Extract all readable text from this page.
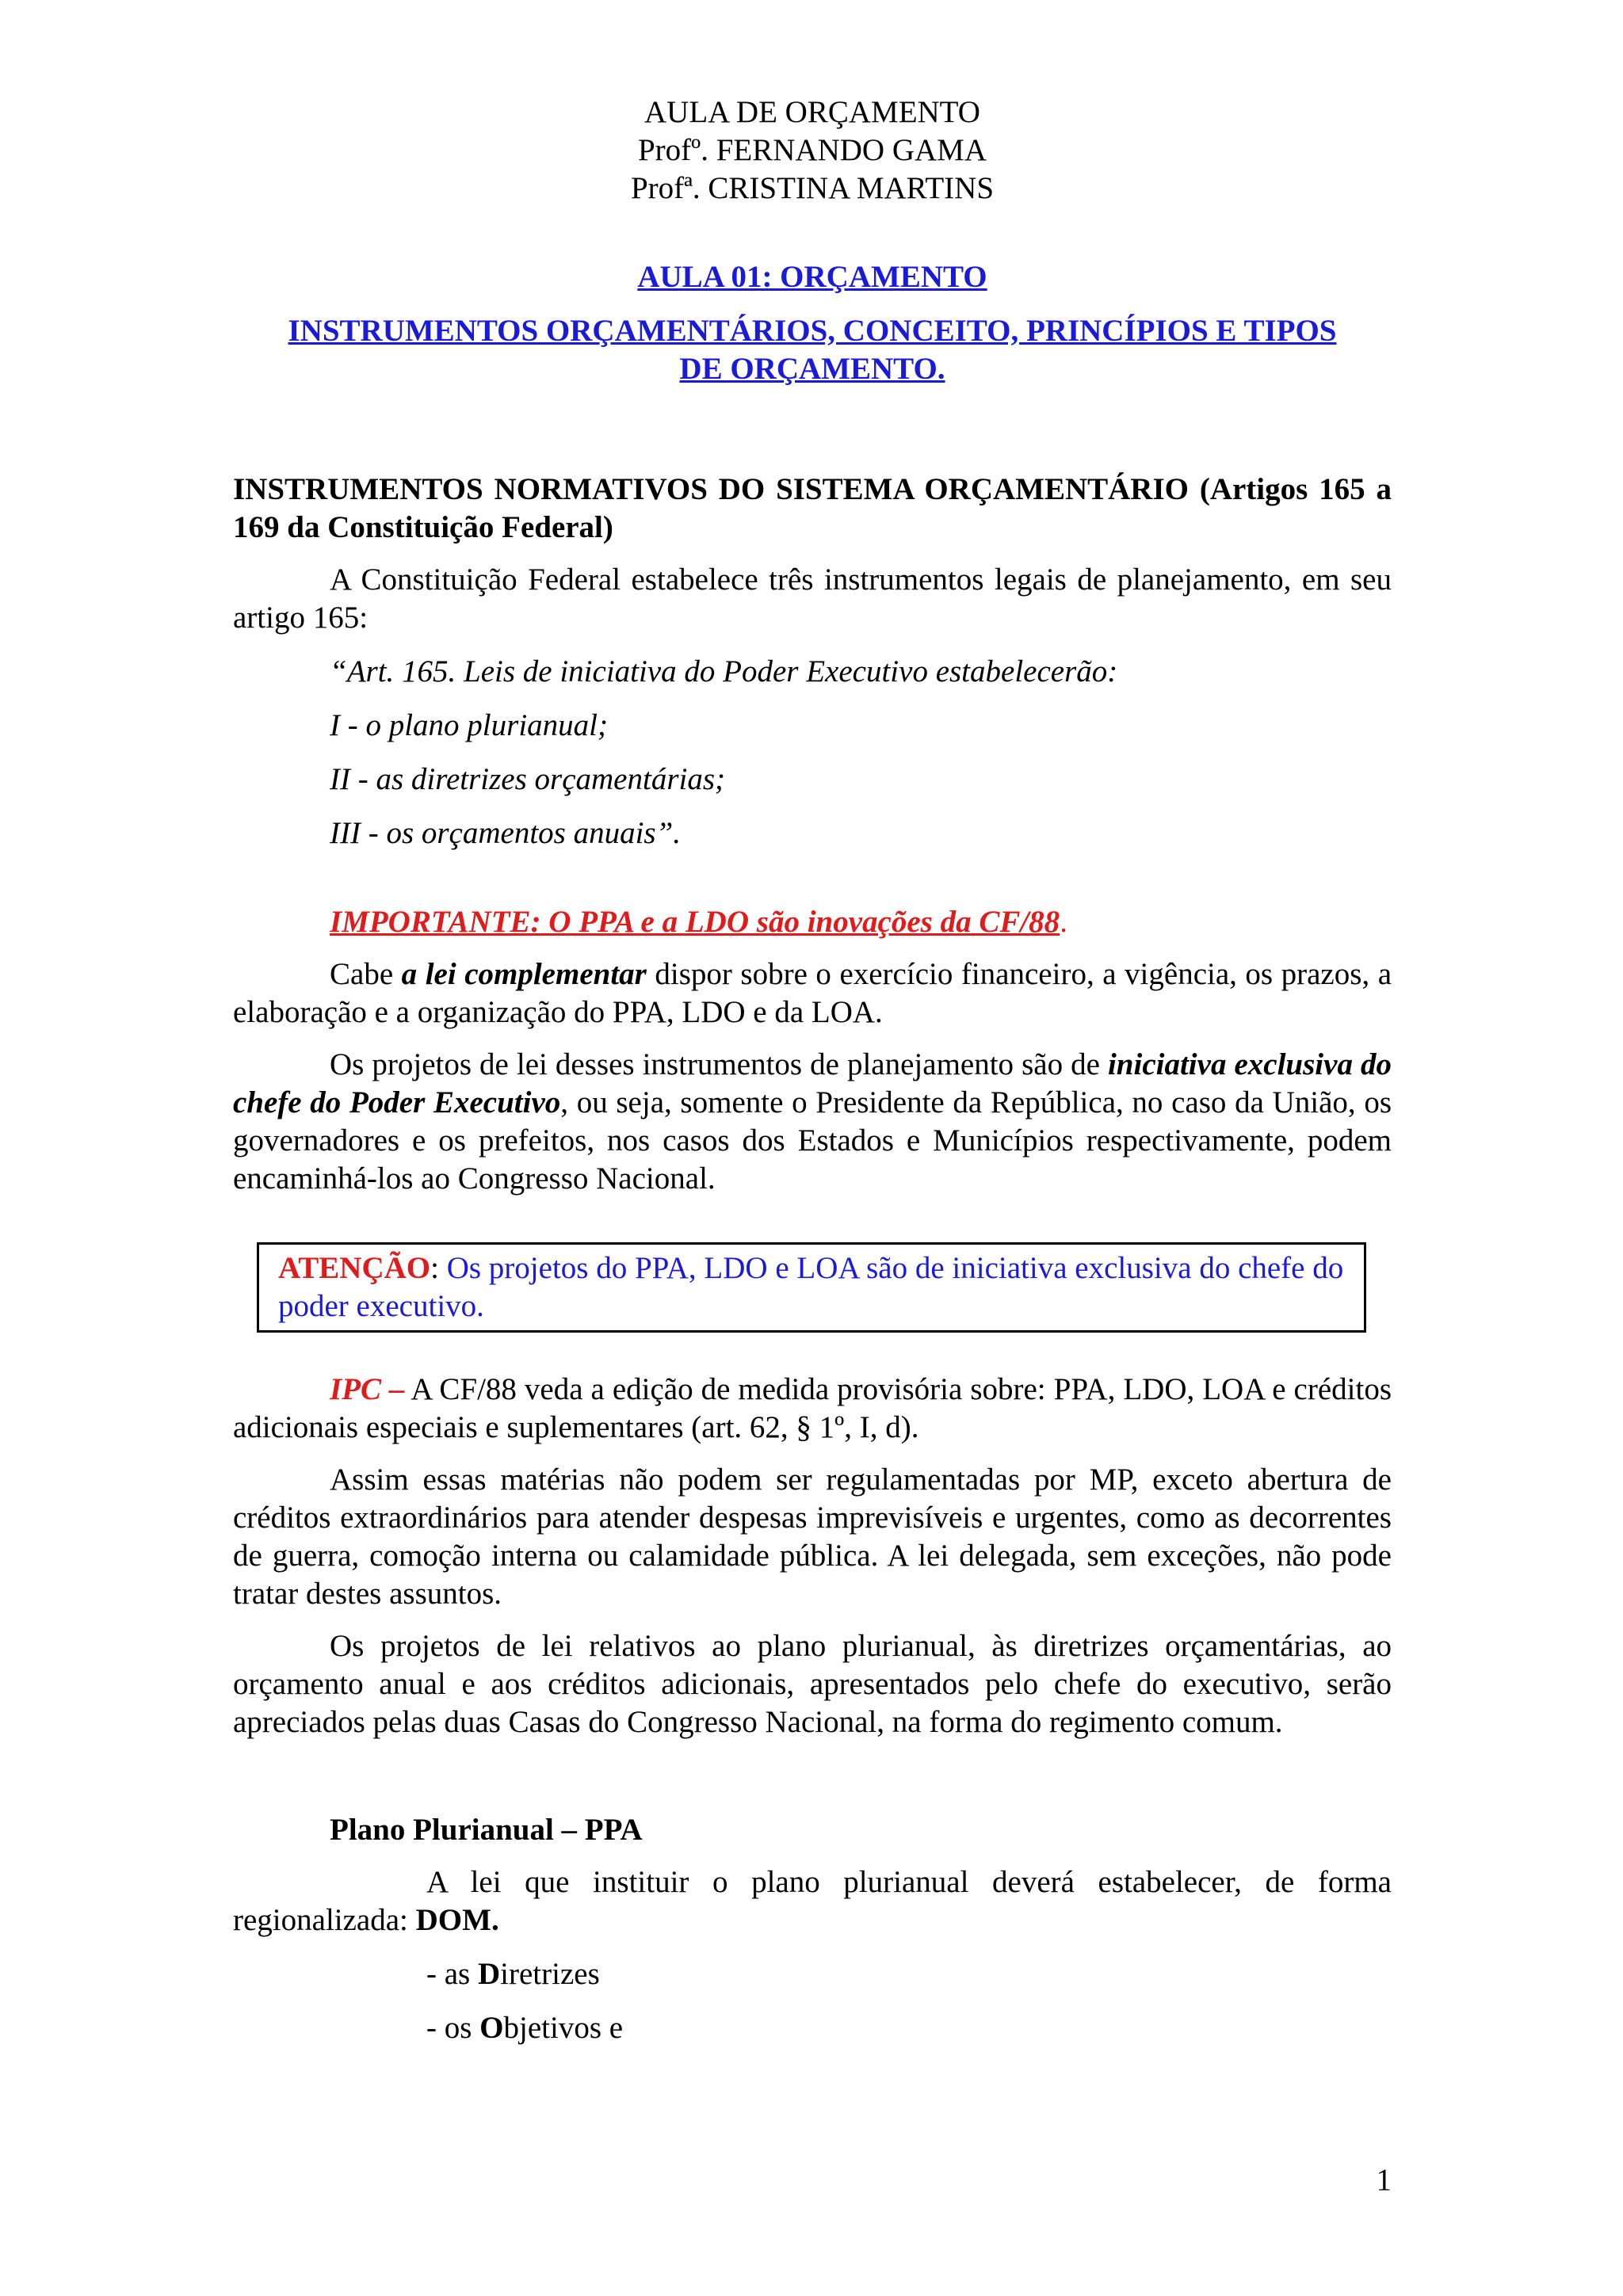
AULA DE ORÇAMENTO

Profº. FERNANDO GAMA

Profª. CRISTINA MARTINS

AULA 01: ORÇAMENTO

INSTRUMENTOS ORÇAMENTÁRIOS, CONCEITO, PRINCÍPIOS E TIPOS

DE ORÇAMENTO.

INSTRUMENTOS NORMATIVOS DO SISTEMA ORÇAMENTÁRIO (Artigos 165 a 169 da Constituição Federal)

A Constituição Federal estabelece três instrumentos legais de planejamento, em seu artigo 165:

“Art. 165. Leis de iniciativa do Poder Executivo estabelecerão:

I - o plano plurianual;

II - as diretrizes orçamentárias;

III - os orçamentos anuais”.

IMPORTANTE: O PPA e a LDO são inovações da CF/88.

Cabe a lei complementar dispor sobre o exercício financeiro, a vigência, os prazos, a elaboração e a organização do PPA, LDO e da LOA.

Os projetos de lei desses instrumentos de planejamento são de iniciativa exclusiva do chefe do Poder Executivo, ou seja, somente o Presidente da República, no caso da União, os governadores e os prefeitos, nos casos dos Estados e Municípios respectivamente, podem encaminhá-los ao Congresso Nacional.

ATENÇÃO: Os projetos do PPA, LDO e LOA são de iniciativa exclusiva do chefe do poder executivo.

IPC – A CF/88 veda a edição de medida provisória sobre: PPA, LDO, LOA e créditos adicionais especiais e suplementares (art. 62, § 1º, I, d).

Assim essas matérias não podem ser regulamentadas por MP, exceto abertura de créditos extraordinários para atender despesas imprevisíveis e urgentes, como as decorrentes de guerra, comoção interna ou calamidade pública. A lei delegada, sem exceções, não pode tratar destes assuntos.

Os projetos de lei relativos ao plano plurianual, às diretrizes orçamentárias, ao orçamento anual e aos créditos adicionais, apresentados pelo chefe do executivo, serão apreciados pelas duas Casas do Congresso Nacional, na forma do regimento comum.

Plano Plurianual – PPA

A lei que instituir o plano plurianual deverá estabelecer, de forma

regionalizada: DOM.

- as Diretrizes

- os Objetivos e

1
